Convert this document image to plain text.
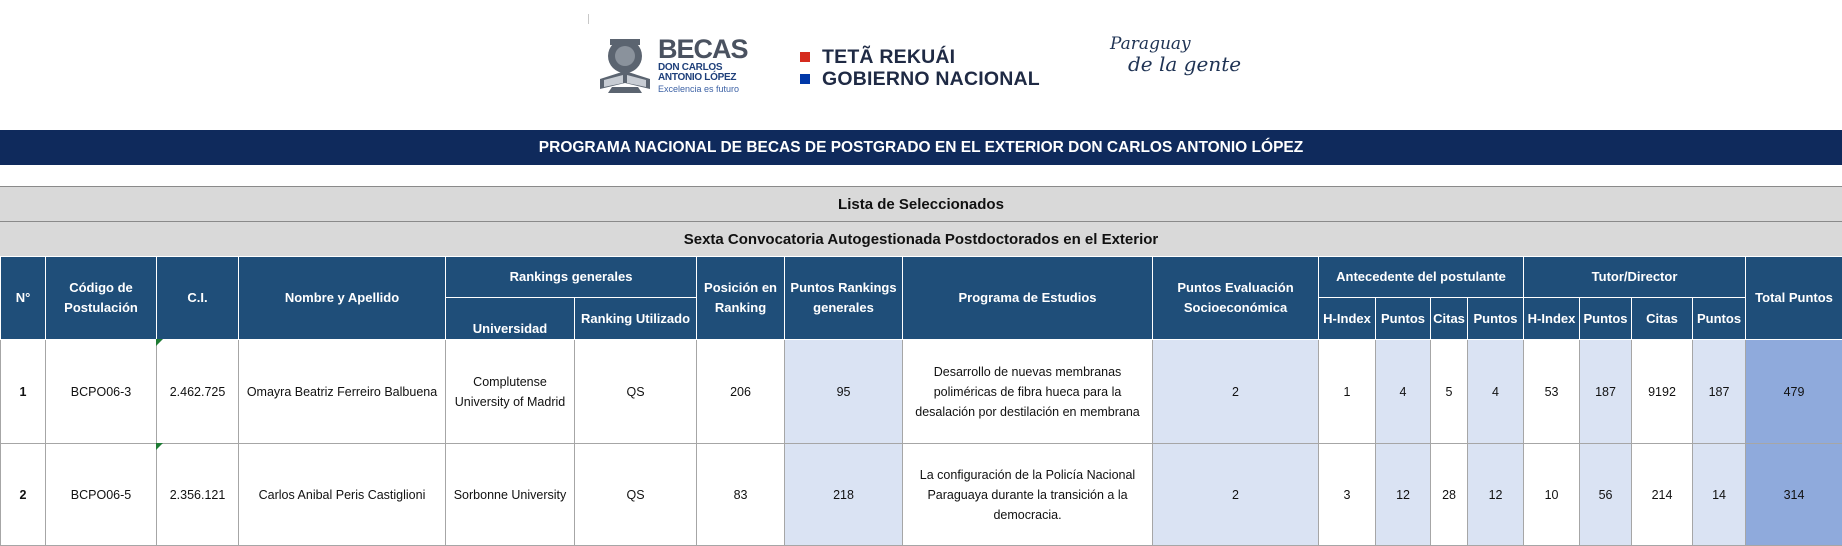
BECAS
DON CARLOS
ANTONIO LÓPEZ
Excelencia es futuro
TETÃ REKUÁI
GOBIERNO NACIONAL
Paraguay
de la gente
PROGRAMA NACIONAL DE BECAS DE POSTGRADO EN EL EXTERIOR DON CARLOS ANTONIO LÓPEZ
Lista de Seleccionados
Sexta Convocatoria Autogestionada Postdoctorados en el Exterior
N°	Código de Postulación	C.I.	Nombre y Apellido	Rankings generales		Posición en Ranking	Puntos Rankings generales	Programa de Estudios	Puntos Evaluación Socioeconómica	Antecedente del postulante				Tutor/Director				Total Puntos
				Universidad	Ranking Utilizado					H-Index	Puntos	Citas	Puntos	H-Index	Puntos	Citas	Puntos	
1	BCPO06-3	2.462.725	Omayra Beatriz Ferreiro Balbuena	Complutense University of Madrid	QS	206	95	Desarrollo de nuevas membranas poliméricas de fibra hueca para la desalación por destilación en membrana	2	1	4	5	4	53	187	9192	187	479
2	BCPO06-5	2.356.121	Carlos Anibal Peris Castiglioni	Sorbonne University	QS	83	218	La configuración de la Policía Nacional Paraguaya durante la transición a la democracia.	2	3	12	28	12	10	56	214	14	314
